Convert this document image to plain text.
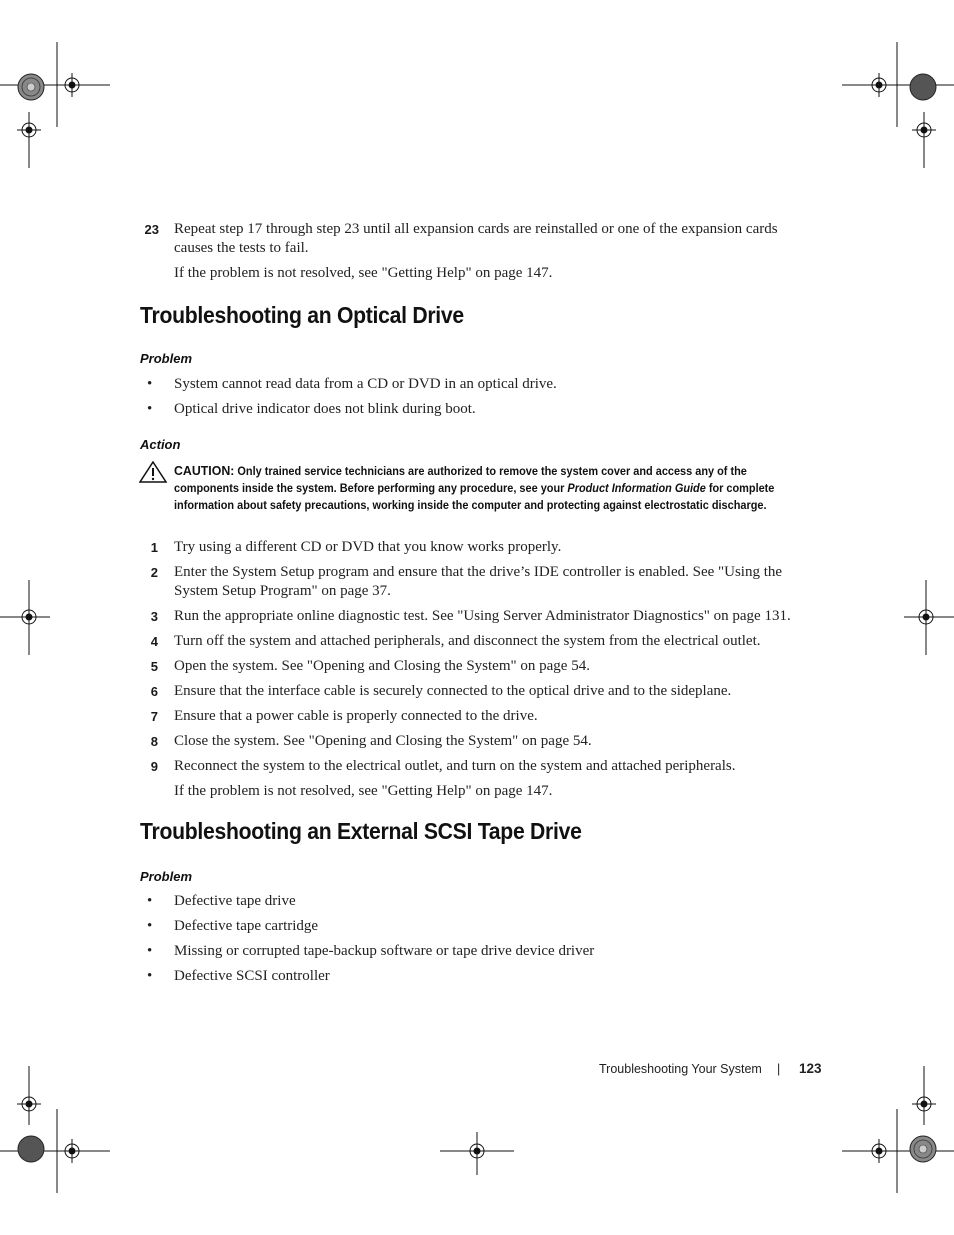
23 Repeat step 17 through step 23 until all expansion cards are reinstalled or one of the expansion cards causes the tests to fail.
If the problem is not resolved, see "Getting Help" on page 147.
Troubleshooting an Optical Drive
Problem
• System cannot read data from a CD or DVD in an optical drive.
• Optical drive indicator does not blink during boot.
Action
CAUTION: Only trained service technicians are authorized to remove the system cover and access any of the components inside the system. Before performing any procedure, see your Product Information Guide for complete information about safety precautions, working inside the computer and protecting against electrostatic discharge.
1 Try using a different CD or DVD that you know works properly.
2 Enter the System Setup program and ensure that the drive’s IDE controller is enabled. See "Using the System Setup Program" on page 37.
3 Run the appropriate online diagnostic test. See "Using Server Administrator Diagnostics" on page 131.
4 Turn off the system and attached peripherals, and disconnect the system from the electrical outlet.
5 Open the system. See "Opening and Closing the System" on page 54.
6 Ensure that the interface cable is securely connected to the optical drive and to the sideplane.
7 Ensure that a power cable is properly connected to the drive.
8 Close the system. See "Opening and Closing the System" on page 54.
9 Reconnect the system to the electrical outlet, and turn on the system and attached peripherals.
If the problem is not resolved, see "Getting Help" on page 147.
Troubleshooting an External SCSI Tape Drive
Problem
• Defective tape drive
• Defective tape cartridge
• Missing or corrupted tape-backup software or tape drive device driver
• Defective SCSI controller
Troubleshooting Your System | 123
